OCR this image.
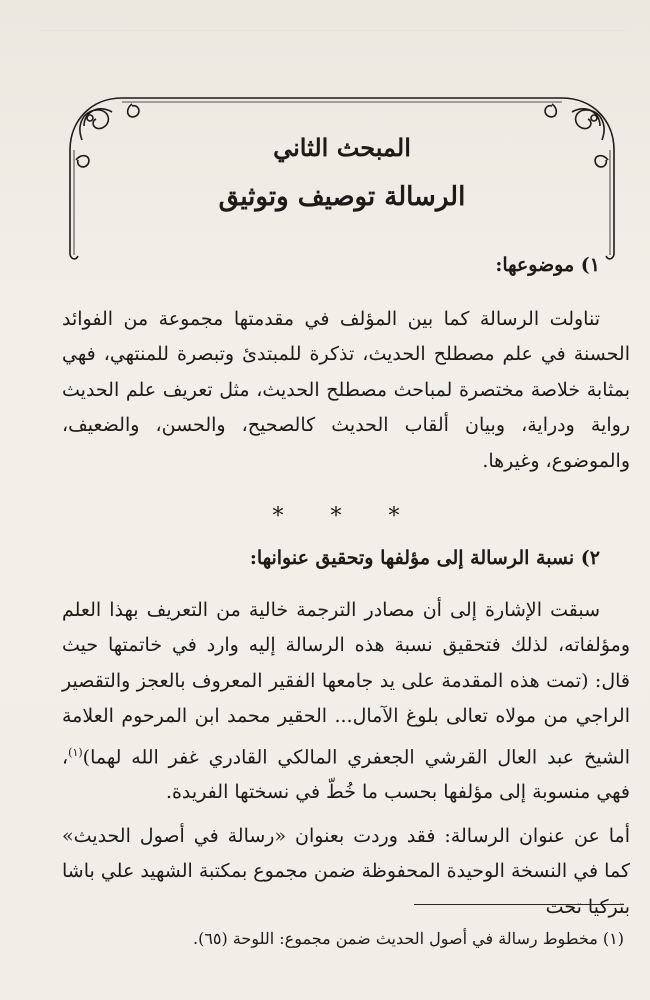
المبحث الثاني
الرسالة توصيف وتوثيق

١) موضوعها:

تناولت الرسالة كما بين المؤلف في مقدمتها مجموعة من الفوائد الحسنة في علم مصطلح الحديث، تذكرة للمبتدئ وتبصرة للمنتهي، فهي بمثابة خلاصة مختصرة لمباحث مصطلح الحديث، مثل تعريف علم الحديث رواية ودراية، وبيان ألقاب الحديث كالصحيح، والحسن، والضعيف، والموضوع، وغيرها.

* * *

٢) نسبة الرسالة إلى مؤلفها وتحقيق عنوانها:

سبقت الإشارة إلى أن مصادر الترجمة خالية من التعريف بهذا العلم ومؤلفاته، لذلك فتحقيق نسبة هذه الرسالة إليه وارد في خاتمتها حيث قال: (تمت هذه المقدمة على يد جامعها الفقير المعروف بالعجز والتقصير الراجي من مولاه تعالى بلوغ الآمال... الحقير محمد ابن المرحوم العلامة الشيخ عبد العال القرشي الجعفري المالكي القادري غفر الله لهما)$^{(١)}$، فهي منسوبة إلى مؤلفها بحسب ما خُطّ في نسختها الفريدة.

أما عن عنوان الرسالة: فقد وردت بعنوان «رسالة في أصول الحديث» كما في النسخة الوحيدة المحفوظة ضمن مجموع بمكتبة الشهيد علي باشا بتركيا تحت

(١) مخطوط رسالة في أصول الحديث ضمن مجموع: اللوحة (٦٥).
